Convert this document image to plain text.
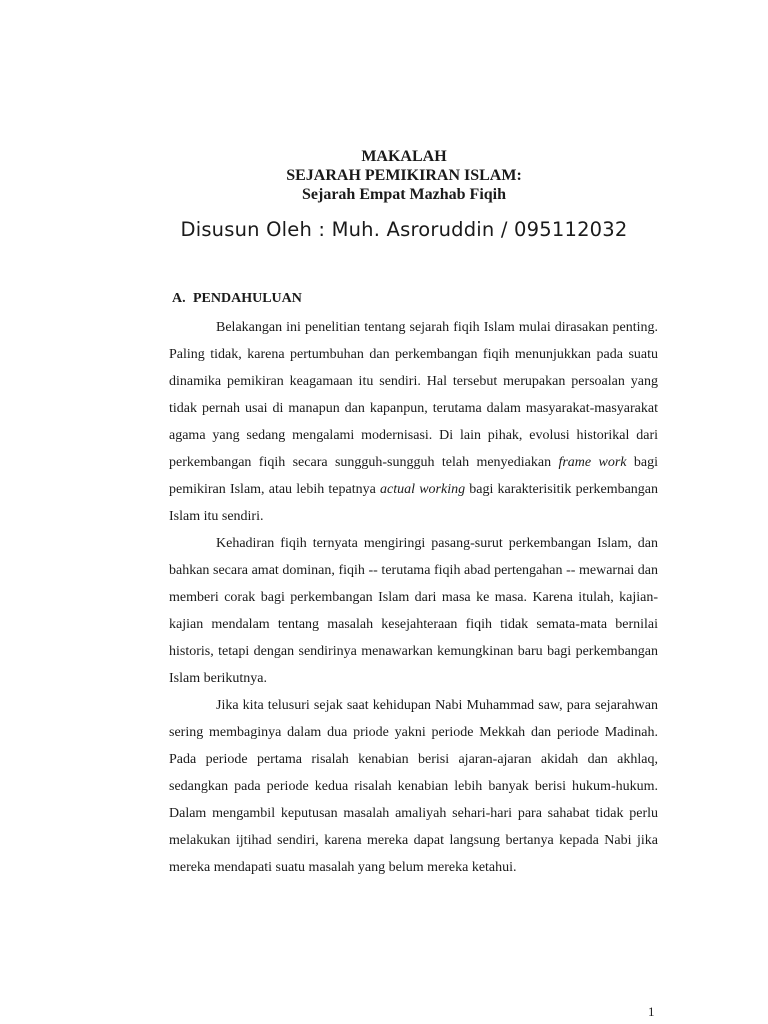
MAKALAH
SEJARAH PEMIKIRAN ISLAM:
Sejarah Empat Mazhab Fiqih
Disusun Oleh : Muh. Asroruddin / 095112032
A. PENDAHULUAN

Belakangan ini penelitian tentang sejarah fiqih Islam mulai dirasakan penting. Paling tidak, karena pertumbuhan dan perkembangan fiqih menunjukkan pada suatu dinamika pemikiran keagamaan itu sendiri. Hal tersebut merupakan persoalan yang tidak pernah usai di manapun dan kapanpun, terutama dalam masyarakat-masyarakat agama yang sedang mengalami modernisasi. Di lain pihak, evolusi historikal dari perkembangan fiqih secara sungguh-sungguh telah menyediakan frame work bagi pemikiran Islam, atau lebih tepatnya actual working bagi karakterisitik perkembangan Islam itu sendiri.

Kehadiran fiqih ternyata mengiringi pasang-surut perkembangan Islam, dan bahkan secara amat dominan, fiqih -- terutama fiqih abad pertengahan -- mewarnai dan memberi corak bagi perkembangan Islam dari masa ke masa. Karena itulah, kajian-kajian mendalam tentang masalah kesejahteraan fiqih tidak semata-mata bernilai historis, tetapi dengan sendirinya menawarkan kemungkinan baru bagi perkembangan Islam berikutnya.

Jika kita telusuri sejak saat kehidupan Nabi Muhammad saw, para sejarahwan sering membaginya dalam dua priode yakni periode Mekkah dan periode Madinah. Pada periode pertama risalah kenabian berisi ajaran-ajaran akidah dan akhlaq, sedangkan pada periode kedua risalah kenabian lebih banyak berisi hukum-hukum. Dalam mengambil keputusan masalah amaliyah sehari-hari para sahabat tidak perlu melakukan ijtihad sendiri, karena mereka dapat langsung bertanya kepada Nabi jika mereka mendapati suatu masalah yang belum mereka ketahui.

1
